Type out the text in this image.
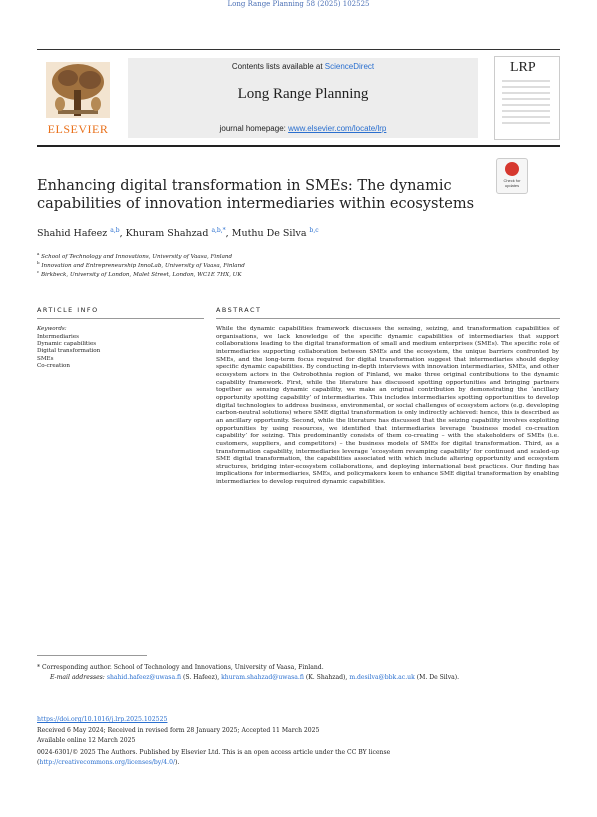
Long Range Planning 58 (2025) 102525
ELSEVIER
Contents lists available at ScienceDirect
Long Range Planning
journal homepage: www.elsevier.com/locate/lrp
LRP
Check for updates
Enhancing digital transformation in SMEs: The dynamic capabilities of innovation intermediaries within ecosystems
Shahid Hafeez $^{a,b}$, Khuram Shahzad $^{a,b,*}$, Muthu De Silva $^{b,c}$
$^a$ School of Technology and Innovations, University of Vaasa, Finland
$^b$ Innovation and Entrepreneurship InnoLab, University of Vaasa, Finland
$^c$ Birkbeck, University of London, Malet Street, London, WC1E 7HX, UK
ARTICLE INFO	ABSTRACT
Keywords:
Intermediaries
Dynamic capabilities
Digital transformation
SMEs
Co-creation
While the dynamic capabilities framework discusses the sensing, seizing, and transformation capabilities of organisations, we lack knowledge of the specific dynamic capabilities of intermediaries that support collaborations leading to the digital transformation of small and medium enterprises (SMEs). The specific role of intermediaries supporting collaboration between SMEs and the ecosystem, the unique barriers confronted by SMEs, and the long-term focus required for digital transformation suggest that intermediaries should deploy specific dynamic capabilities. By conducting in-depth interviews with innovation intermediaries, SMEs, and other ecosystem actors in the Ostrobothnia region of Finland, we make three original contributions to the dynamic capability framework. First, while the literature has discussed spotting opportunities and bringing partners together as sensing dynamic capability, we make an original contribution by demonstrating the ‘ancillary opportunity spotting capability’ of intermediaries. This includes intermediaries spotting opportunities to develop digital technologies to address business, environmental, or social challenges of ecosystem actors (e.g. developing carbon-neutral solutions) where SME digital transformation is only indirectly achieved: hence, this is described as an ancillary opportunity. Second, while the literature has discussed that the seizing capability involves exploiting opportunities by using resources, we identified that intermediaries leverage ‘business model co-creation capability’ for seizing. This predominantly consists of them co-creating – with the stakeholders of SMEs (i.e. customers, suppliers, and competitors) – the business models of SMEs for digital transformation. Third, as a transformation capability, intermediaries leverage ‘ecosystem revamping capability’ for continued and scaled-up SME digital transformation, the capabilities associated with which include altering opportunity and ecosystem structures, bridging inter-ecosystem collaborations, and deploying international best practices. Our finding has implications for intermediaries, SMEs, and policymakers keen to enhance SME digital transformation by enabling intermediaries to develop required dynamic capabilities.
* Corresponding author. School of Technology and Innovations, University of Vaasa, Finland.
E-mail addresses: shahid.hafeez@uwasa.fi (S. Hafeez), khuram.shahzad@uwasa.fi (K. Shahzad), m.desilva@bbk.ac.uk (M. De Silva).
https://doi.org/10.1016/j.lrp.2025.102525
Received 6 May 2024; Received in revised form 28 January 2025; Accepted 11 March 2025
Available online 12 March 2025
0024-6301/© 2025 The Authors. Published by Elsevier Ltd. This is an open access article under the CC BY license
(http://creativecommons.org/licenses/by/4.0/).
